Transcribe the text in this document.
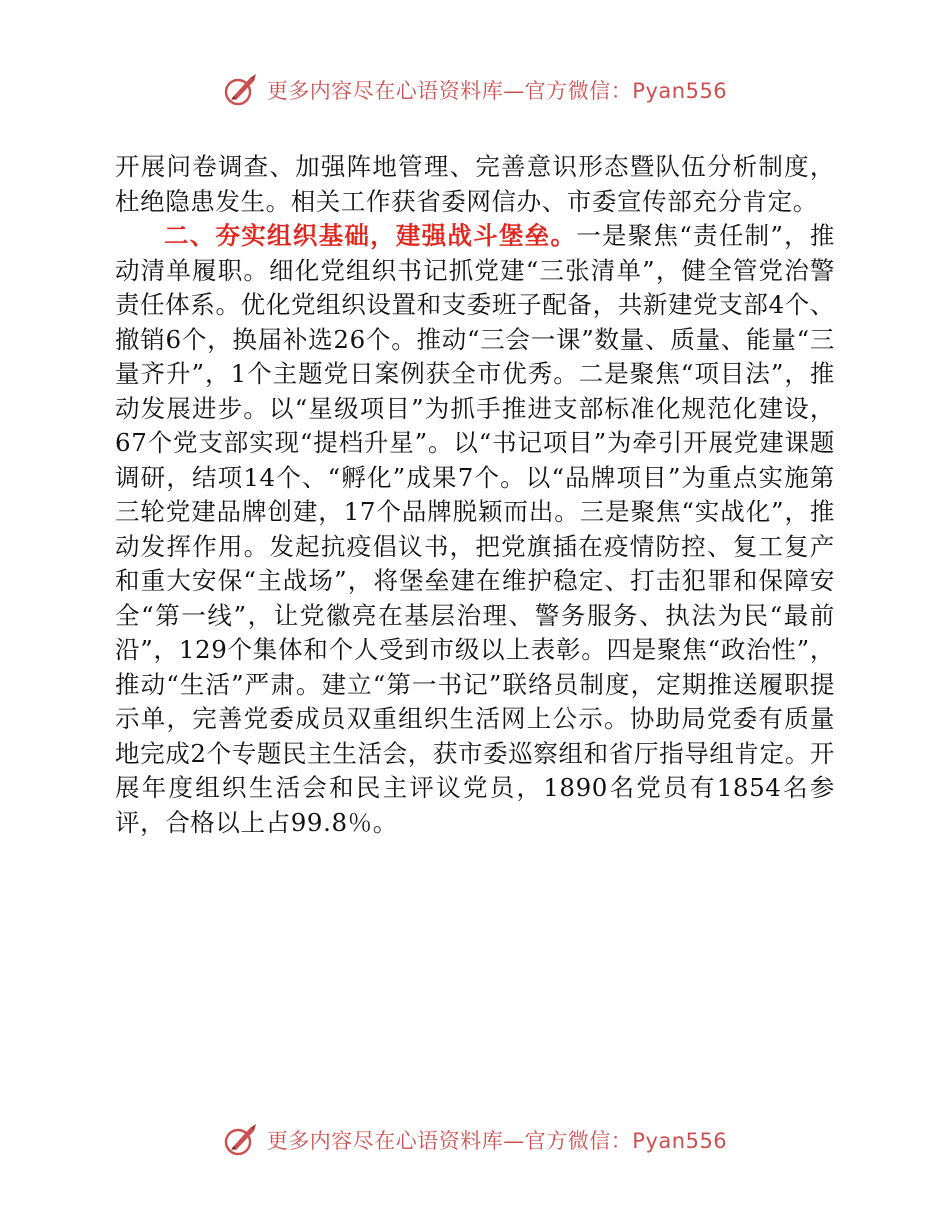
更多内容尽在心语资料库—官方微信：Pyan556

开展问卷调查、加强阵地管理、完善意识形态暨队伍分析制度，杜绝隐患发生。相关工作获省委网信办、市委宣传部充分肯定。

二、夯实组织基础，建强战斗堡垒。一是聚焦“责任制”，推动清单履职。细化党组织书记抓党建“三张清单”，健全管党治警责任体系。优化党组织设置和支委班子配备，共新建党支部4个、撤销6个，换届补选26个。推动“三会一课”数量、质量、能量“三量齐升”，1个主题党日案例获全市优秀。二是聚焦“项目法”，推动发展进步。以“星级项目”为抓手推进支部标准化规范化建设，67个党支部实现“提档升星”。以“书记项目”为牵引开展党建课题调研，结项14个、“孵化”成果7个。以“品牌项目”为重点实施第三轮党建品牌创建，17个品牌脱颖而出。三是聚焦“实战化”，推动发挥作用。发起抗疫倡议书，把党旗插在疫情防控、复工复产和重大安保“主战场”，将堡垒建在维护稳定、打击犯罪和保障安全“第一线”，让党徽亮在基层治理、警务服务、执法为民“最前沿”，129个集体和个人受到市级以上表彰。四是聚焦“政治性”，推动“生活”严肃。建立“第一书记”联络员制度，定期推送履职提示单，完善党委成员双重组织生活网上公示。协助局党委有质量地完成2个专题民主生活会，获市委巡察组和省厅指导组肯定。开展年度组织生活会和民主评议党员，1890名党员有1854名参评，合格以上占99.8％。

更多内容尽在心语资料库—官方微信：Pyan556
